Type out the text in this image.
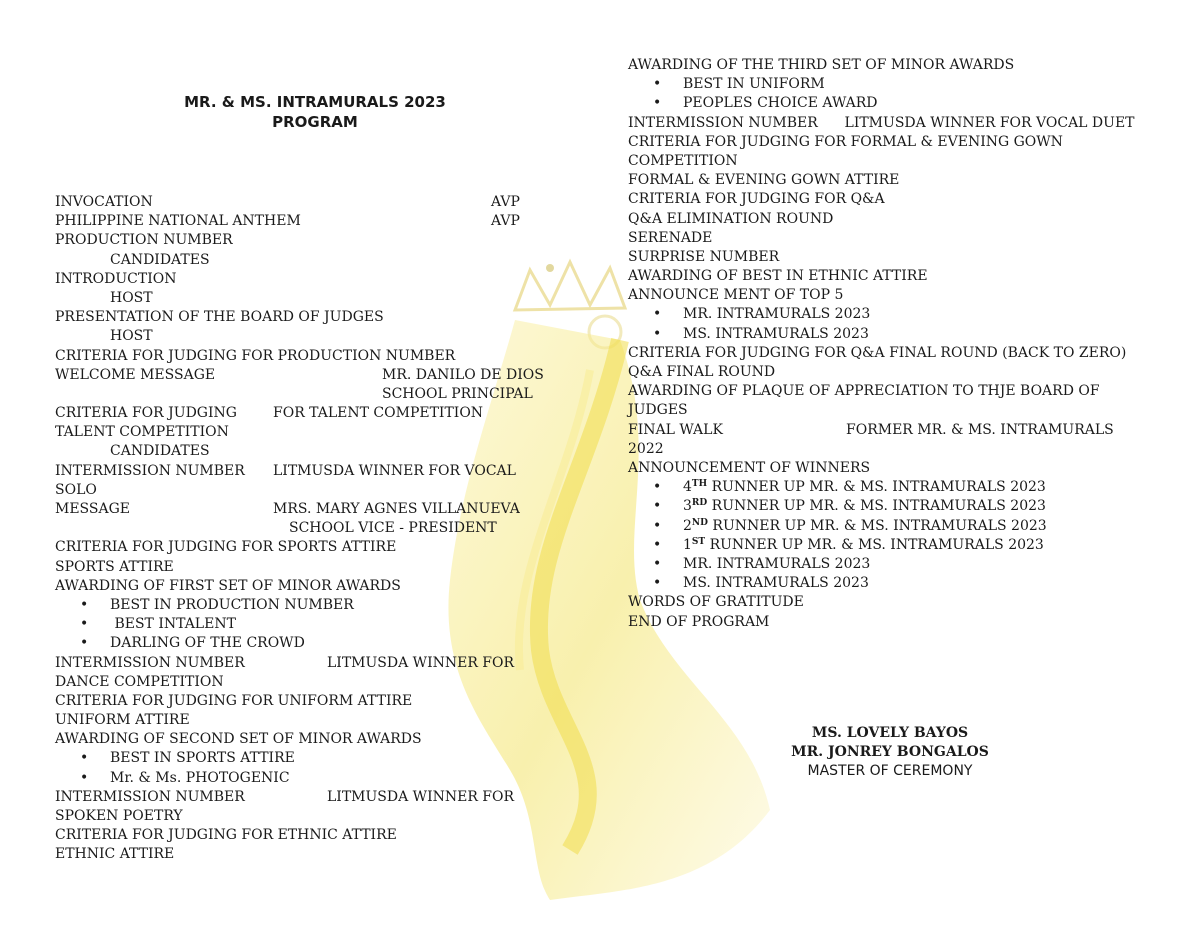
MR. & MS. INTRAMURALS 2023
PROGRAM
INVOCATION	AVP
PHILIPPINE NATIONAL ANTHEM	AVP
PRODUCTION NUMBER
CANDIDATES
INTRODUCTION
HOST
PRESENTATION OF THE BOARD OF JUDGES
HOST
CRITERIA FOR JUDGING FOR PRODUCTION NUMBER
WELCOME MESSAGE	MR. DANILO DE DIOS
SCHOOL PRINCIPAL
CRITERIA FOR JUDGING	FOR TALENT COMPETITION
TALENT COMPETITION
CANDIDATES
INTERMISSION NUMBER LITMUSDA WINNER FOR VOCAL
SOLO
MESSAGE	MRS. MARY AGNES VILLANUEVA
SCHOOL VICE - PRESIDENT
CRITERIA FOR JUDGING FOR SPORTS ATTIRE
SPORTS ATTIRE
AWARDING OF FIRST SET OF MINOR AWARDS
• BEST IN PRODUCTION NUMBER
• BEST INTALENT
• DARLING OF THE CROWD
INTERMISSION NUMBER	LITMUSDA WINNER FOR
DANCE COMPETITION
CRITERIA FOR JUDGING FOR UNIFORM ATTIRE
UNIFORM ATTIRE
AWARDING OF SECOND SET OF MINOR AWARDS
• BEST IN SPORTS ATTIRE
• Mr. & Ms. PHOTOGENIC
INTERMISSION NUMBER	LITMUSDA WINNER FOR
SPOKEN POETRY
CRITERIA FOR JUDGING FOR ETHNIC ATTIRE
ETHNIC ATTIRE
AWARDING OF THE THIRD SET OF MINOR AWARDS
• BEST IN UNIFORM
• PEOPLES CHOICE AWARD
INTERMISSION NUMBER      LITMUSDA WINNER FOR VOCAL DUET
CRITERIA FOR JUDGING FOR FORMAL & EVENING GOWN COMPETITION
FORMAL & EVENING GOWN ATTIRE
CRITERIA FOR JUDGING FOR Q&A
Q&A ELIMINATION ROUND
SERENADE
SURPRISE NUMBER
AWARDING OF BEST IN ETHNIC ATTIRE
ANNOUNCE MENT OF TOP 5
• MR. INTRAMURALS 2023
• MS. INTRAMURALS 2023
CRITERIA FOR JUDGING FOR Q&A FINAL ROUND (BACK TO ZERO)
Q&A FINAL ROUND
AWARDING OF PLAQUE OF APPRECIATION TO THJE BOARD OF JUDGES
FINAL WALK	FORMER MR. & MS. INTRAMURALS
2022
ANNOUNCEMENT OF WINNERS
• 4TH RUNNER UP MR. & MS. INTRAMURALS 2023
• 3RD RUNNER UP MR. & MS. INTRAMURALS 2023
• 2ND RUNNER UP MR. & MS. INTRAMURALS 2023
• 1ST RUNNER UP MR. & MS. INTRAMURALS 2023
• MR. INTRAMURALS 2023
• MS. INTRAMURALS 2023
WORDS OF GRATITUDE
END OF PROGRAM
MS. LOVELY BAYOS
MR. JONREY BONGALOS
MASTER OF CEREMONY
